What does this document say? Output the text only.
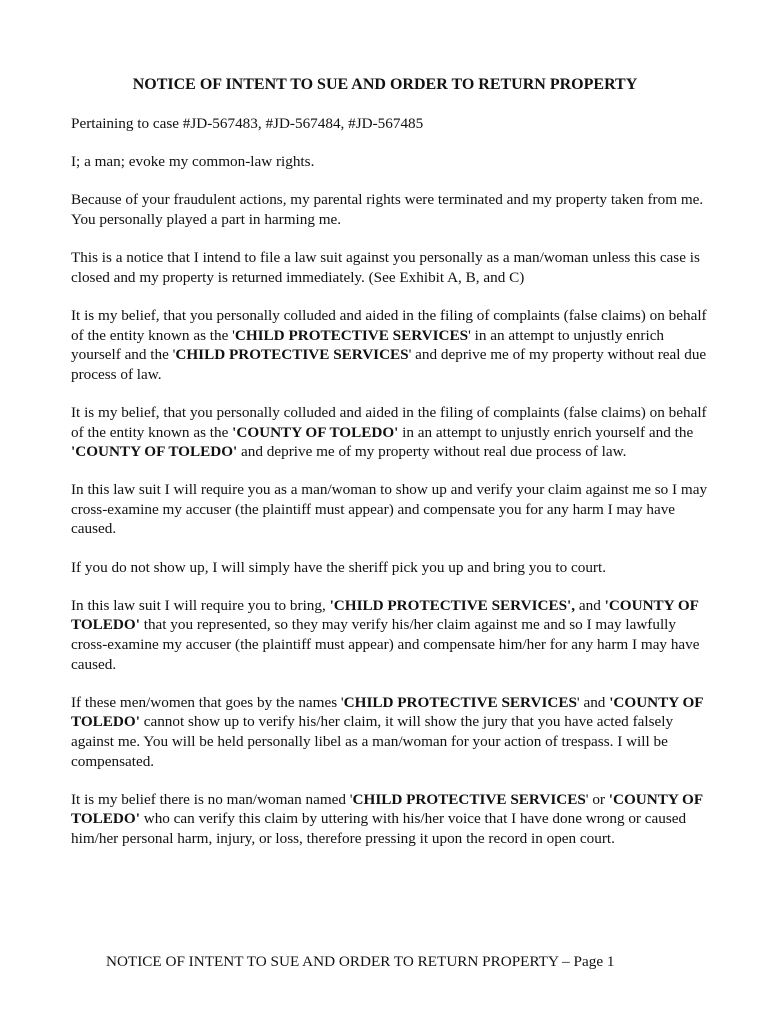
NOTICE OF INTENT TO SUE AND ORDER TO RETURN PROPERTY

Pertaining to case #JD-567483, #JD-567484, #JD-567485

I; a man; evoke my common-law rights.

Because of your fraudulent actions, my parental rights were terminated and my property taken from me. You personally played a part in harming me.

This is a notice that I intend to file a law suit against you personally as a man/woman unless this case is closed and my property is returned immediately. (See Exhibit A, B, and C)

It is my belief, that you personally colluded and aided in the filing of complaints (false claims) on behalf of the entity known as the 'CHILD PROTECTIVE SERVICES' in an attempt to unjustly enrich yourself and the 'CHILD PROTECTIVE SERVICES' and deprive me of my property without real due process of law.

It is my belief, that you personally colluded and aided in the filing of complaints (false claims) on behalf of the entity known as the 'COUNTY OF TOLEDO' in an attempt to unjustly enrich yourself and the 'COUNTY OF TOLEDO' and deprive me of my property without real due process of law.

In this law suit I will require you as a man/woman to show up and verify your claim against me so I may cross-examine my accuser (the plaintiff must appear) and compensate you for any harm I may have caused.

If you do not show up, I will simply have the sheriff pick you up and bring you to court.

In this law suit I will require you to bring, 'CHILD PROTECTIVE SERVICES', and 'COUNTY OF TOLEDO' that you represented, so they may verify his/her claim against me and so I may lawfully cross-examine my accuser (the plaintiff must appear) and compensate him/her for any harm I may have caused.

If these men/women that goes by the names 'CHILD PROTECTIVE SERVICES' and 'COUNTY OF TOLEDO' cannot show up to verify his/her claim, it will show the jury that you have acted falsely against me. You will be held personally libel as a man/woman for your action of trespass. I will be compensated.

It is my belief there is no man/woman named 'CHILD PROTECTIVE SERVICES' or 'COUNTY OF TOLEDO' who can verify this claim by uttering with his/her voice that I have done wrong or caused him/her personal harm, injury, or loss, therefore pressing it upon the record in open court.

NOTICE OF INTENT TO SUE AND ORDER TO RETURN PROPERTY – Page 1
